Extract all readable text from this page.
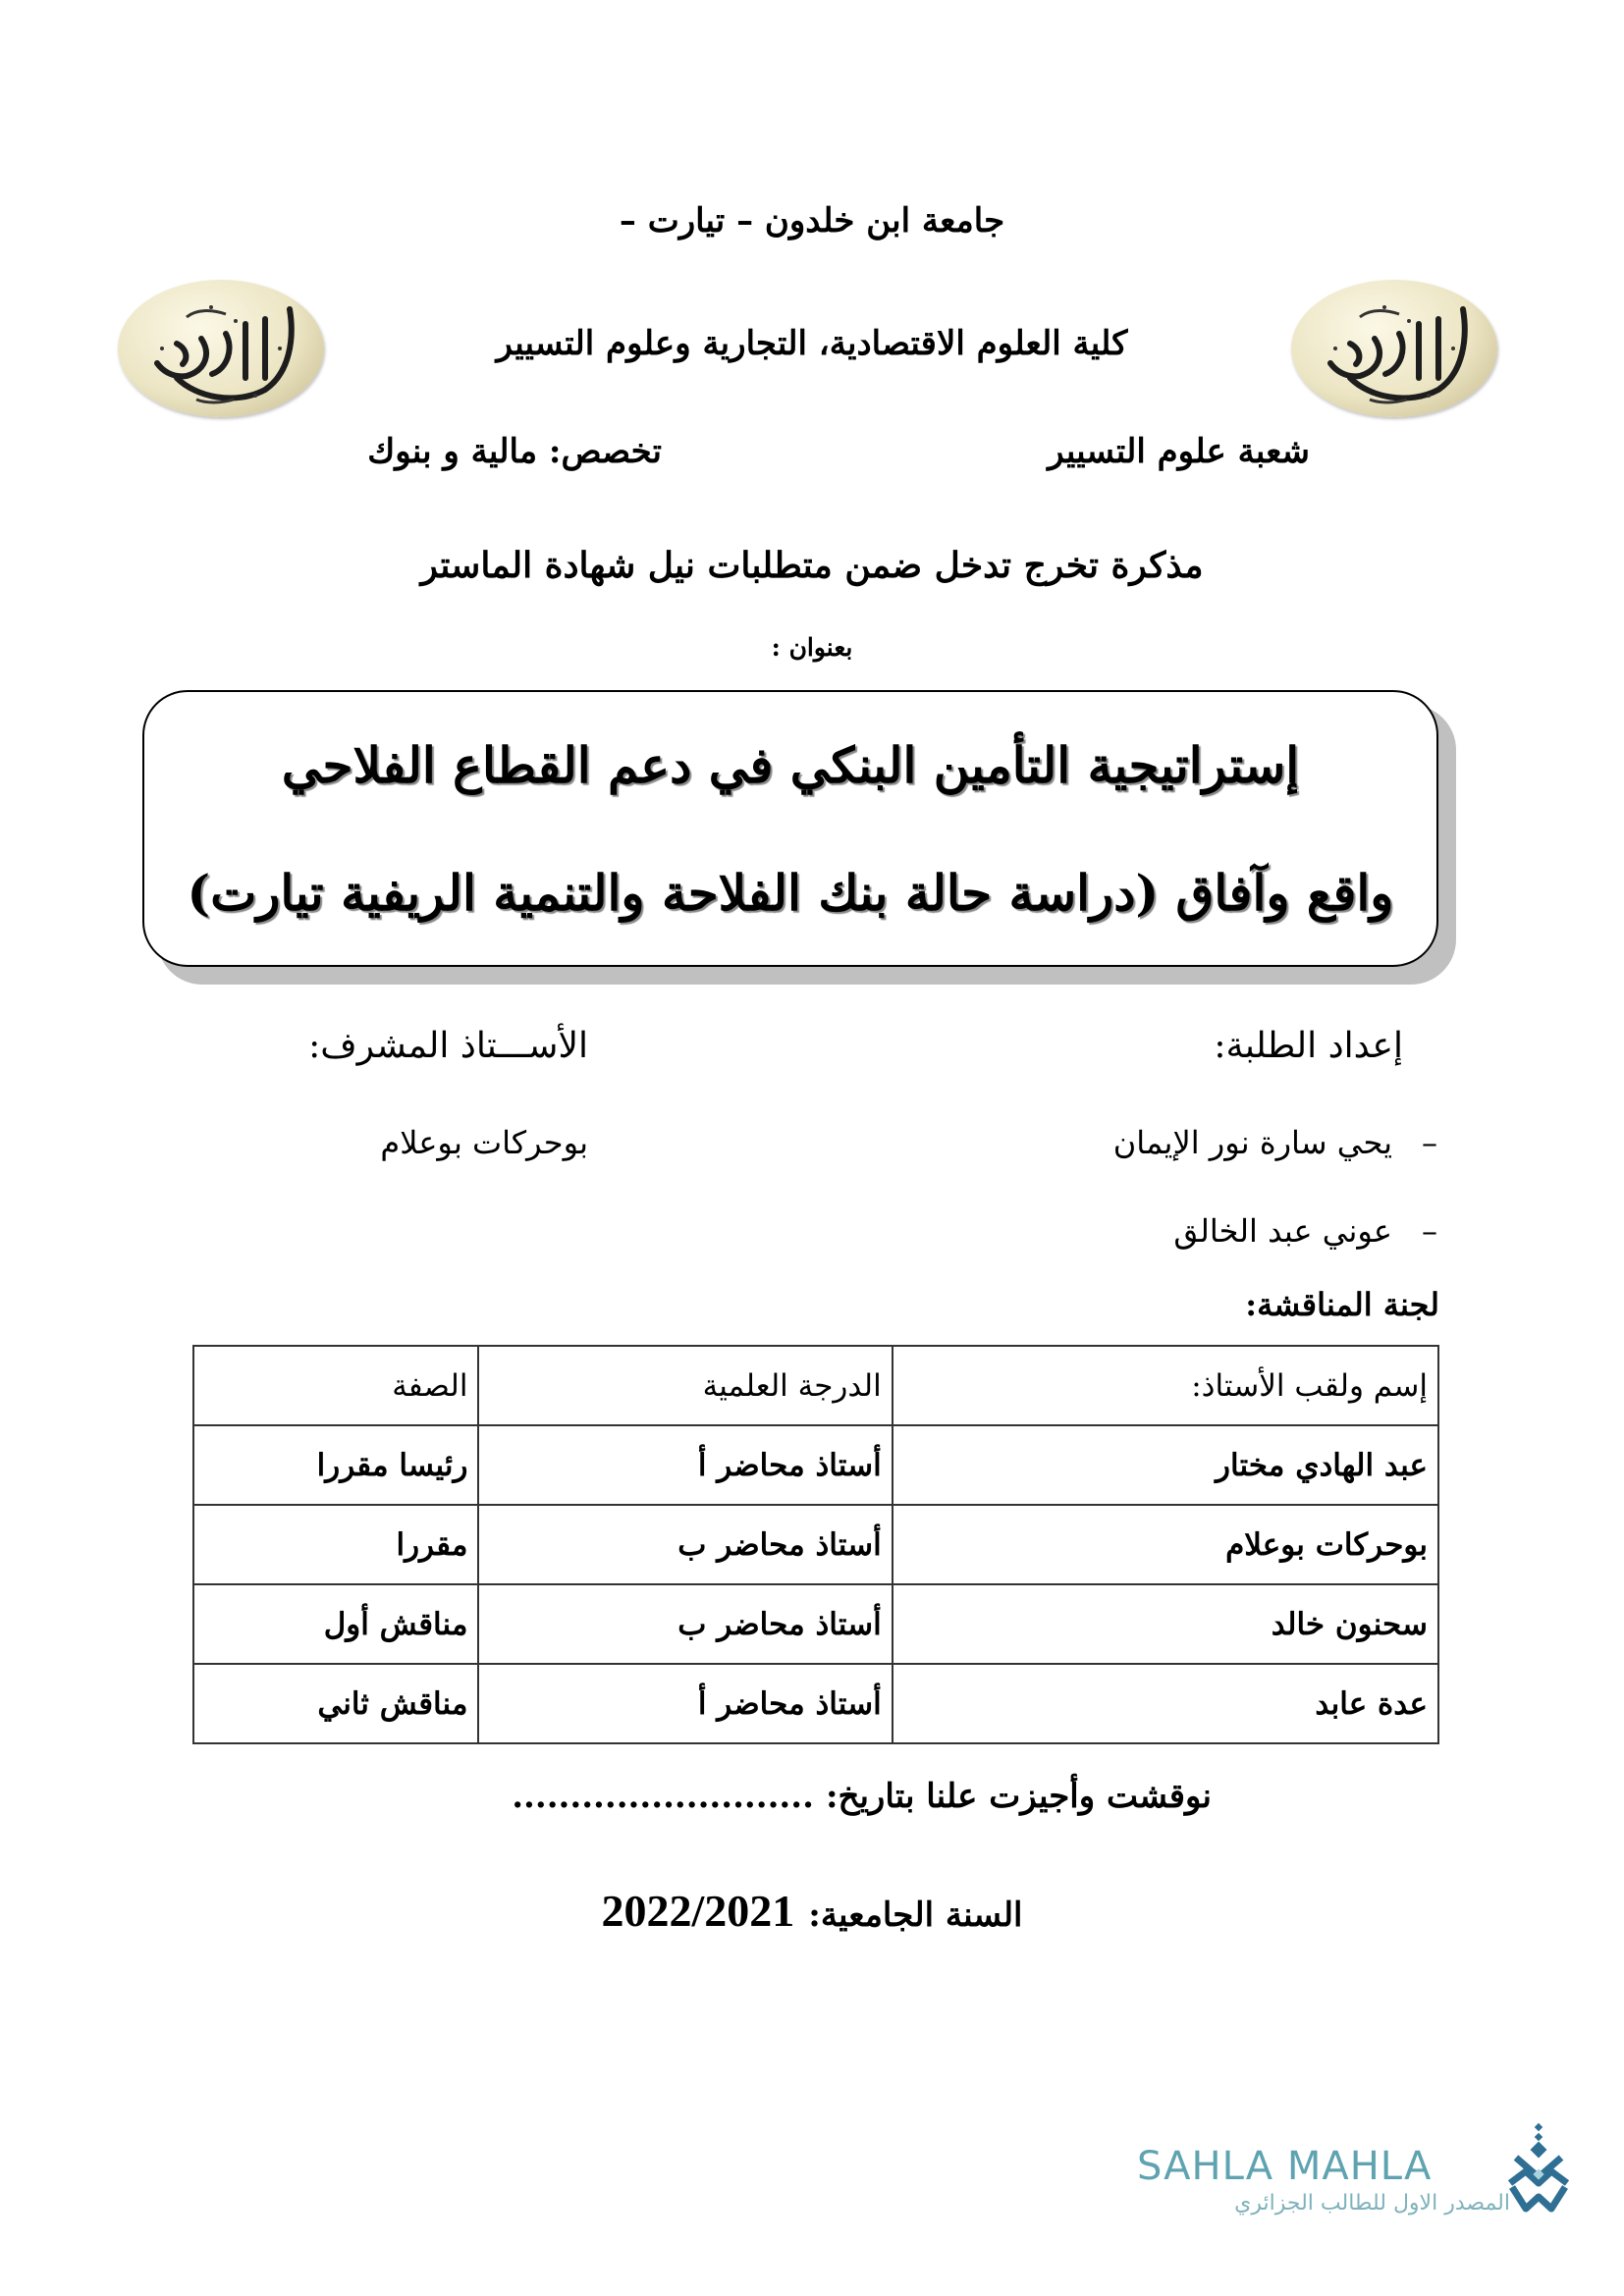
جامعة ابن خلدون – تيارت –
كلية العلوم الاقتصادية، التجارية وعلوم التسيير
شعبة علوم التسيير
تخصص: مالية و بنوك
مذكرة تخرج تدخل ضمن متطلبات نيل شهادة الماستر
بعنوان :
إستراتيجية التأمين البنكي في دعم القطاع الفلاحي
واقع وآفاق (دراسة حالة بنك الفلاحة والتنمية الريفية تيارت)
إعداد الطلبة:
الأســـتاذ المشرف:
–يحي سارة نور الإيمان
–عوني عبد الخالق
بوحركات بوعلام
لجنة المناقشة:
إسم ولقب الأستاذ:	الدرجة العلمية	الصفة
عبد الهادي مختار	أستاذ محاضر أ	رئيسا مقررا
بوحركات بوعلام	أستاذ محاضر ب	مقررا
سحنون خالد	أستاذ محاضر ب	مناقش أول
عدة عابد	أستاذ محاضر أ	مناقش ثاني
نوقشت وأجيزت علنا بتاريخ:..........................
السنة الجامعية:2022/2021
SAHLA MAHLA
المصدر الاول للطالب الجزائري
